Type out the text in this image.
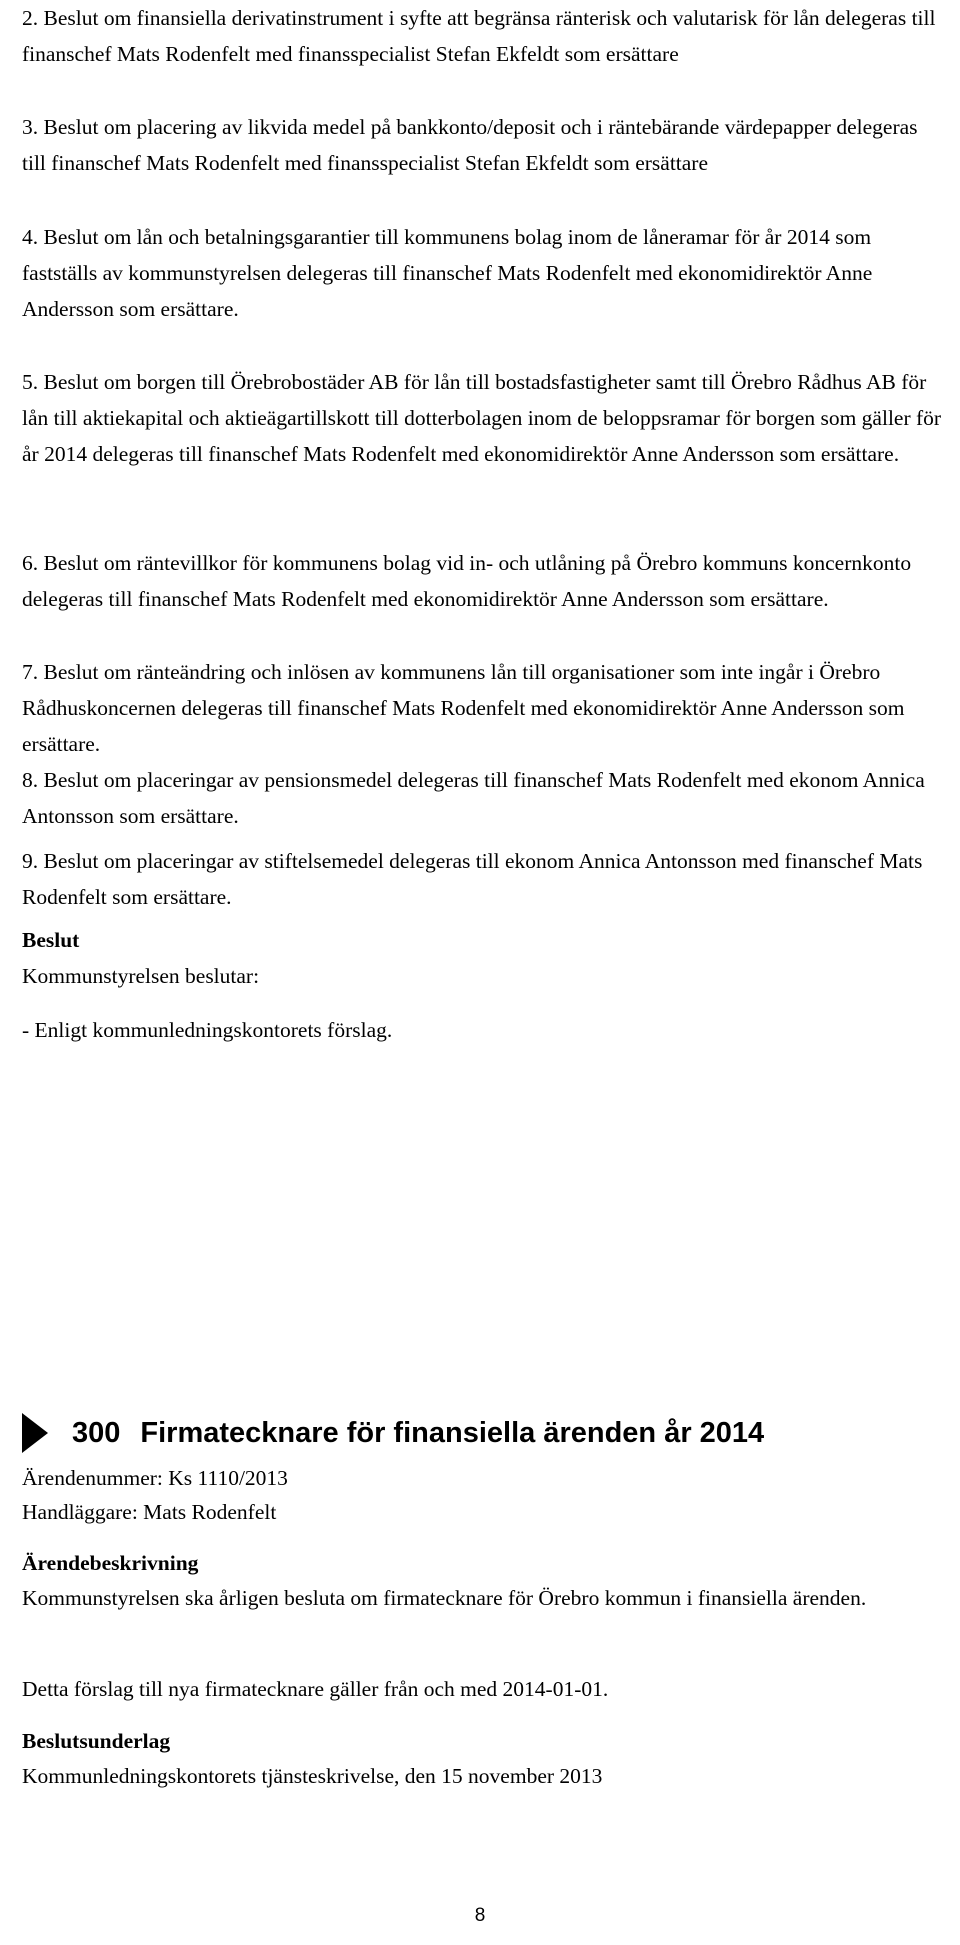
2. Beslut om finansiella derivatinstrument i syfte att begränsa ränterisk och valutarisk för lån delegeras till finanschef Mats Rodenfelt med finansspecialist Stefan Ekfeldt som ersättare

3. Beslut om placering av likvida medel på bankkonto/deposit och i räntebärande värdepapper delegeras till finanschef Mats Rodenfelt med finansspecialist Stefan Ekfeldt som ersättare

4. Beslut om lån och betalningsgarantier till kommunens bolag inom de låneramar för år 2014 som fastställs av kommunstyrelsen delegeras till finanschef Mats Rodenfelt med ekonomidirektör Anne Andersson som ersättare.

5. Beslut om borgen till Örebrobostäder AB för lån till bostadsfastigheter samt till Örebro Rådhus AB för lån till aktiekapital och aktieägartillskott till dotterbolagen inom de beloppsramar för borgen som gäller för år 2014 delegeras till finanschef Mats Rodenfelt med ekonomidirektör Anne Andersson som ersättare.

6. Beslut om räntevillkor för kommunens bolag vid in- och utlåning på Örebro kommuns koncernkonto delegeras till finanschef Mats Rodenfelt med ekonomidirektör Anne Andersson som ersättare.

7. Beslut om ränteändring och inlösen av kommunens lån till organisationer som inte ingår i Örebro Rådhuskoncernen delegeras till finanschef Mats Rodenfelt med ekonomidirektör Anne Andersson som ersättare.

8. Beslut om placeringar av pensionsmedel delegeras till finanschef Mats Rodenfelt med ekonom Annica Antonsson som ersättare.

9. Beslut om placeringar av stiftelsemedel delegeras till ekonom Annica Antonsson med finanschef Mats Rodenfelt som ersättare.

Beslut

Kommunstyrelsen beslutar:

- Enligt kommunledningskontorets förslag.

300 Firmatecknare för finansiella ärenden år 2014

Ärendenummer: Ks 1110/2013

Handläggare: Mats Rodenfelt

Ärendebeskrivning

Kommunstyrelsen ska årligen besluta om firmatecknare för Örebro kommun i finansiella ärenden.

Detta förslag till nya firmatecknare gäller från och med 2014-01-01.

Beslutsunderlag

Kommunledningskontorets tjänsteskrivelse, den 15 november 2013

8
